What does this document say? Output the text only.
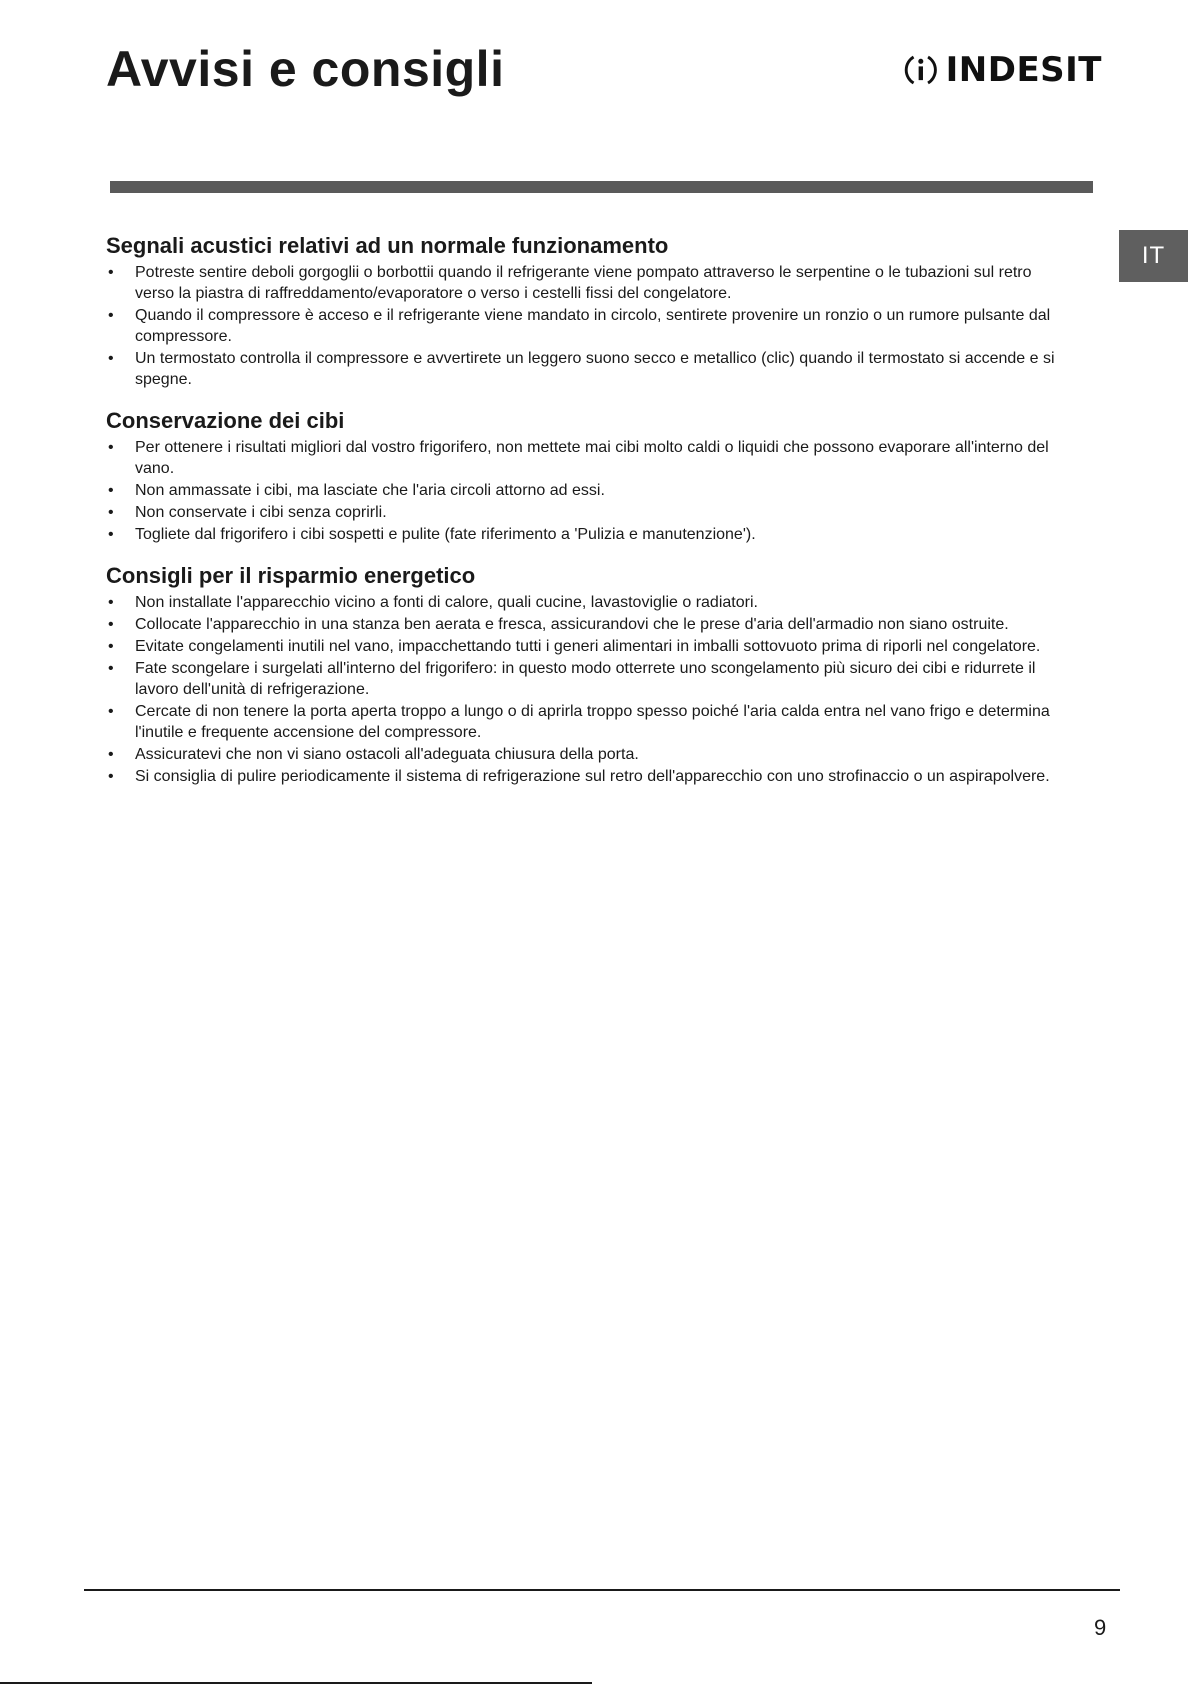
Avvisi e consigli	INDESIT
IT
Segnali acustici relativi ad un normale funzionamento
• Potreste sentire deboli gorgoglii o borbottii quando il refrigerante viene pompato attraverso le serpentine o le tubazioni sul retro verso la piastra di raffreddamento/evaporatore o verso i cestelli fissi del congelatore.
• Quando il compressore è acceso e il refrigerante viene mandato in circolo, sentirete provenire un ronzio o un rumore pulsante dal compressore.
• Un termostato controlla il compressore e avvertirete un leggero suono secco e metallico (clic) quando il termostato si accende e si spegne.
Conservazione dei cibi
• Per ottenere i risultati migliori dal vostro frigorifero, non mettete mai cibi molto caldi o liquidi che possono evaporare all'interno del vano.
• Non ammassate i cibi, ma lasciate che l'aria circoli attorno ad essi.
• Non conservate i cibi senza coprirli.
• Togliete dal frigorifero i cibi sospetti e pulite (fate riferimento a 'Pulizia e manutenzione').
Consigli per il risparmio energetico
• Non installate l'apparecchio vicino a fonti di calore, quali cucine, lavastoviglie o radiatori.
• Collocate l'apparecchio in una stanza ben aerata e fresca, assicurandovi che le prese d'aria dell'armadio non siano ostruite.
• Evitate congelamenti inutili nel vano, impacchettando tutti i generi alimentari in imballi sottovuoto prima di riporli nel congelatore.
• Fate scongelare i surgelati all'interno del frigorifero: in questo modo otterrete uno scongelamento più sicuro dei cibi e ridurrete il lavoro dell'unità di refrigerazione.
• Cercate di non tenere la porta aperta troppo a lungo o di aprirla troppo spesso poiché l'aria calda entra nel vano frigo e determina l'inutile e frequente accensione del compressore.
• Assicuratevi che non vi siano ostacoli all'adeguata chiusura della porta.
• Si consiglia di pulire periodicamente il sistema di refrigerazione sul retro dell'apparecchio con uno strofinaccio o un aspirapolvere.
9
